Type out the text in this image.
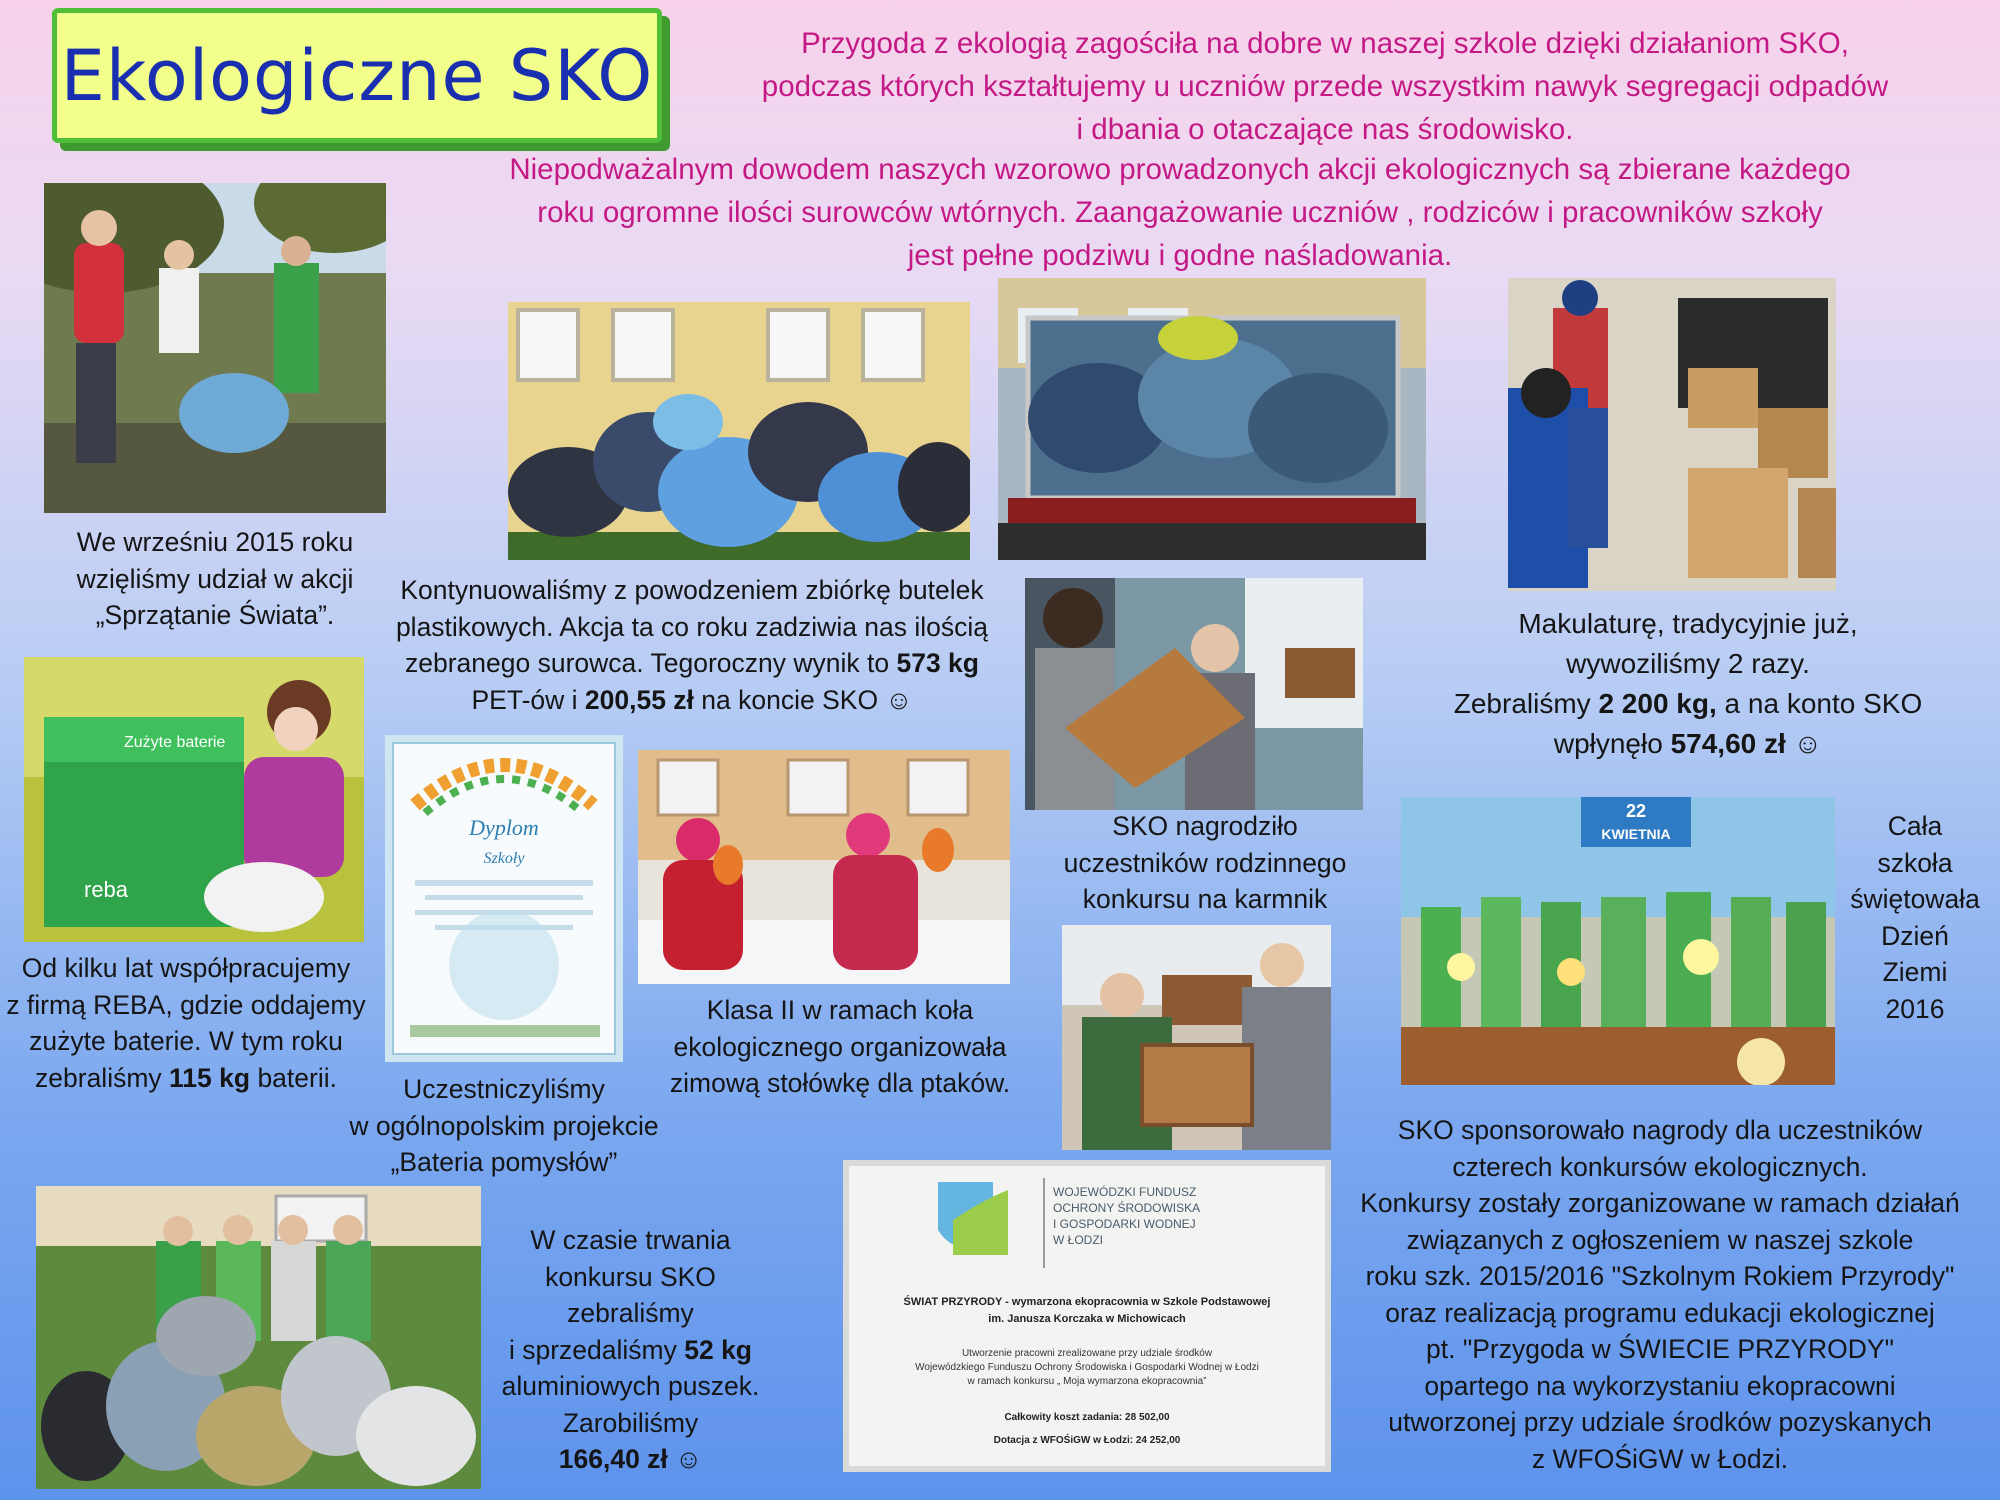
Ekologiczne SKO	Przygoda z ekologią zagościła na dobre w naszej szkole dzięki działaniom SKO,
podczas których kształtujemy u uczniów przede wszystkim nawyk segregacji odpadów
i dbania o otaczające nas środowisko.
Niepodważalnym dowodem naszych wzorowo prowadzonych akcji ekologicznych są zbierane każdego
roku ogromne ilości surowców wtórnych. Zaangażowanie uczniów , rodziców i pracowników szkoły
jest pełne podziwu i godne naśladowania.
We wrześniu 2015 roku
wzięliśmy udział w akcji
„Sprzątanie Świata”.
Kontynuowaliśmy z powodzeniem zbiórkę butelek
plastikowych. Akcja ta co roku zadziwia nas ilością
zebranego surowca. Tegoroczny wynik to 573 kg
PET-ów i 200,55 zł na koncie SKO ☺
Makulaturę, tradycyjnie już,
wywoziliśmy 2 razy.
Zebraliśmy 2 200 kg, a na konto SKO
wpłynęło 574,60 zł ☺
Zużyte baterie
reba
Dyplom
Szkoły
SKO nagrodziło
uczestników rodzinnego
konkursu na karmnik
22
KWIETNIA	Cała
szkoła
świętowała
Dzień
Ziemi
2016
Od kilku lat współpracujemy
z firmą REBA, gdzie oddajemy
zużyte baterie. W tym roku
zebraliśmy 115 kg baterii.
Klasa II w ramach koła
ekologicznego organizowała
zimową stołówkę dla ptaków.
Uczestniczyliśmy
w ogólnopolskim projekcie
„Bateria pomysłów”
SKO sponsorowało nagrody dla uczestników
czterech konkursów ekologicznych.
Konkursy zostały zorganizowane w ramach działań
związanych z ogłoszeniem w naszej szkole
roku szk. 2015/2016 "Szkolnym Rokiem Przyrody"
oraz realizacją programu edukacji ekologicznej
pt. "Przygoda w ŚWIECIE PRZYRODY"
opartego na wykorzystaniu ekopracowni
utworzonej przy udziale środków pozyskanych
z WFOŚiGW w Łodzi.
W czasie trwania
konkursu SKO
zebraliśmy
i sprzedaliśmy 52 kg
aluminiowych puszek.
Zarobiliśmy
166,40 zł ☺
WOJEWÓDZKI FUNDUSZ
OCHRONY ŚRODOWISKA
I GOSPODARKI WODNEJ
W ŁODZI
ŚWIAT PRZYRODY - wymarzona ekopracownia w Szkole Podstawowej
im. Janusza Korczaka w Michowicach
Utworzenie pracowni zrealizowane przy udziale środków
Wojewódzkiego Funduszu Ochrony Środowiska i Gospodarki Wodnej w Łodzi
w ramach konkursu „ Moja wymarzona ekopracownia”
Całkowity koszt zadania: 28 502,00
Dotacja z WFOŚiGW w Łodzi: 24 252,00
